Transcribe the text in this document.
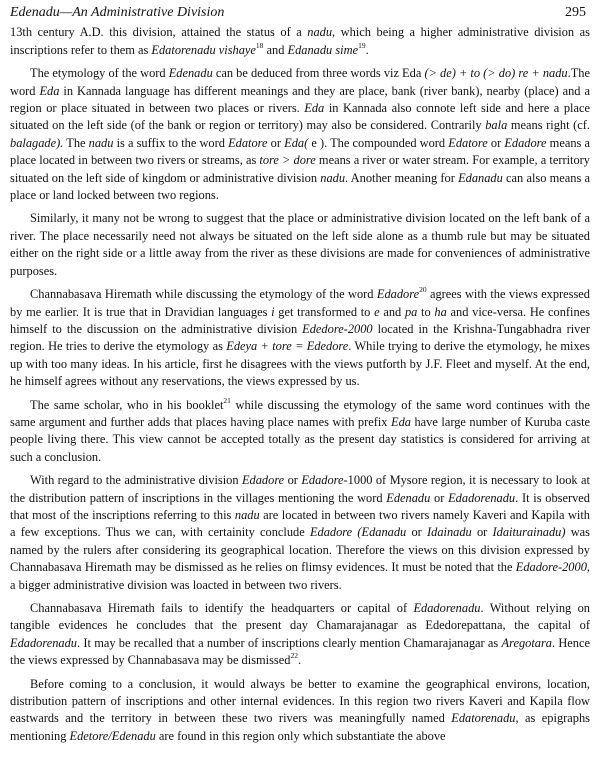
Edenadu—An Administrative Division	295

13th century A.D. this division, attained the status of a nadu, which being a higher administrative division as inscriptions refer to them as Edatorenadu vishaye$^{18}$ and Edanadu sime$^{19}$.

The etymology of the word Edenadu can be deduced from three words viz Eda (> de) + to (> do) re + nadu.The word Eda in Kannada language has different meanings and they are place, bank (river bank), nearby (place) and a region or place situated in between two places or rivers. Eda in Kannada also connote left side and here a place situated on the left side (of the bank or region or territory) may also be considered. Contrarily bala means right (cf. balagade). The nadu is a suffix to the word Edatore or Eda( e ). The compounded word Edatore or Edadore means a place located in between two rivers or streams, as tore > dore means a river or water stream. For example, a territory situated on the left side of kingdom or administrative division nadu. Another meaning for Edanadu can also means a place or land locked between two regions.

Similarly, it many not be wrong to suggest that the place or administrative division located on the left bank of a river. The place necessarily need not always be situated on the left side alone as a thumb rule but may be situated either on the right side or a little away from the river as these divisions are made for conveniences of administrative purposes.

Channabasava Hiremath while discussing the etymology of the word Edadore$^{20}$ agrees with the views expressed by me earlier. It is true that in Dravidian languages i get transformed to e and pa to ha and vice-versa. He confines himself to the discussion on the administrative division Ededore-2000 located in the Krishna-Tungabhadra river region. He tries to derive the etymology as Edeya + tore = Ededore. While trying to derive the etymology, he mixes up with too many ideas. In his article, first he disagrees with the views putforth by J.F. Fleet and myself. At the end, he himself agrees without any reservations, the views expressed by us.

The same scholar, who in his booklet$^{21}$ while discussing the etymology of the same word continues with the same argument and further adds that places having place names with prefix Eda have large number of Kuruba caste people living there. This view cannot be accepted totally as the present day statistics is considered for arriving at such a conclusion.

With regard to the administrative division Edadore or Edadore-1000 of Mysore region, it is necessary to look at the distribution pattern of inscriptions in the villages mentioning the word Edenadu or Edadorenadu. It is observed that most of the inscriptions referring to this nadu are located in between two rivers namely Kaveri and Kapila with a few exceptions. Thus we can, with certainity conclude Edadore (Edanadu or Idainadu or Idaiturainadu) was named by the rulers after considering its geographical location. Therefore the views on this division expressed by Channabasava Hiremath may be dismissed as he relies on flimsy evidences. It must be noted that the Edadore-2000, a bigger administrative division was loacted in between two rivers.

Channabasava Hiremath fails to identify the headquarters or capital of Edadorenadu. Without relying on tangible evidences he concludes that the present day Chamarajanagar as Ededorepattana, the capital of Edadorenadu. It may be recalled that a number of inscriptions clearly mention Chamarajanagar as Aregotara. Hence the views expressed by Channabasava may be dismissed$^{22}$.

Before coming to a conclusion, it would always be better to examine the geographical environs, location, distribution pattern of inscriptions and other internal evidences. In this region two rivers Kaveri and Kapila flow eastwards and the territory in between these two rivers was meaningfully named Edatorenadu, as epigraphs mentioning Edetore/Edenadu are found in this region only which substantiate the above
